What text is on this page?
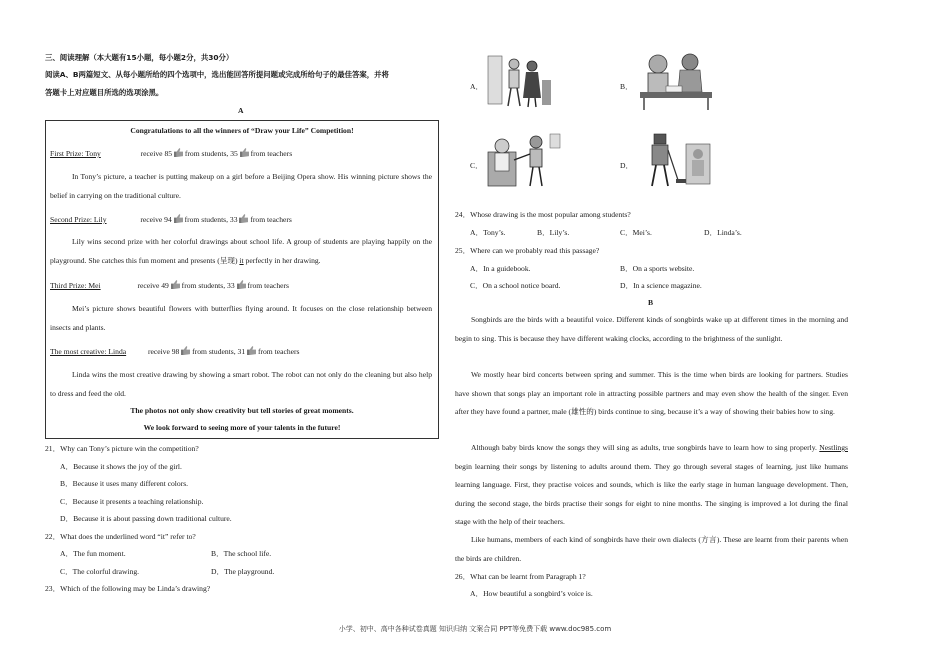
三、阅读理解（本大题有15小题，每小题2分，共30分）
阅读A、B两篇短文、从每小题所给的四个选项中，选出能回答所提问题或完成所给句子的最佳答案，并将
答题卡上对应题目所选的选项涂黑。
A
Congratulations to all the winners of “Draw your Life” Competition!
First Prize: Tony	receive 85 from students, 35 from teachers
In Tony’s picture, a teacher is putting makeup on a girl before a Beijing Opera show. His winning picture shows the belief in carrying on the traditional culture.
Second Prize: Lily	receive 94 from students, 33 from teachers
Lily wins second prize with her colorful drawings about school life. A group of students are playing happily on the playground. She catches this fun moment and presents (呈现) it perfectly in her drawing.
Third Prize: Mei	receive 49 from students, 33 from teachers
Mei’s picture shows beautiful flowers with butterflies flying around. It focuses on the close relationship between insects and plants.
The most creative: Linda	receive 98 from students, 31 from teachers
Linda wins the most creative drawing by showing a smart robot. The robot can not only do the cleaning but also help to dress and feed the old.
The photos not only show creativity but tell stories of great moments.
We look forward to seeing more of your talents in the future!
21．Why can Tony’s picture win the competition?
A．Because it shows the joy of the girl.
B．Because it uses many different colors.
C．Because it presents a teaching relationship.
D．Because it is about passing down traditional culture.
22．What does the underlined word “it” refer to?
A．The fun moment.	B．The school life.
C．The colorful drawing.	D．The playground.
23．Which of the following may be Linda’s drawing?
A．	B．
C．	D．
24．Whose drawing is the most popular among students?
A．Tony’s.	B．Lily’s.	C．Mei’s.	D．Linda’s.
25．Where can we probably read this passage?
A．In a guidebook.	B．On a sports website.
C．On a school notice board.	D．In a science magazine.
B
Songbirds are the birds with a beautiful voice. Different kinds of songbirds wake up at different times in the morning and begin to sing. This is because they have different waking clocks, according to the brightness of the sunlight.
We mostly hear bird concerts between spring and summer. This is the time when birds are looking for partners. Studies have shown that songs play an important role in attracting possible partners and may even show the health of the singer. Even after they have found a partner, male (雄性的) birds continue to sing, because it’s a way of showing their babies how to sing.
Although baby birds know the songs they will sing as adults, true songbirds have to learn how to sing properly. Nestlings begin learning their songs by listening to adults around them. They go through several stages of learning, just like humans learning language. First, they practise voices and sounds, which is like the early stage in human language development. Then, during the second stage, the birds practise their songs for eight to nine months. The singing is improved a lot during the final stage with the help of their teachers.
Like humans, members of each kind of songbirds have their own dialects (方言). These are learnt from their parents when the birds are children.
26．What can be learnt from Paragraph 1?
A．How beautiful a songbird’s voice is.
小学、初中、高中各种试卷真题 知识归纳 文案合同 PPT等免费下载 www.doc985.com
